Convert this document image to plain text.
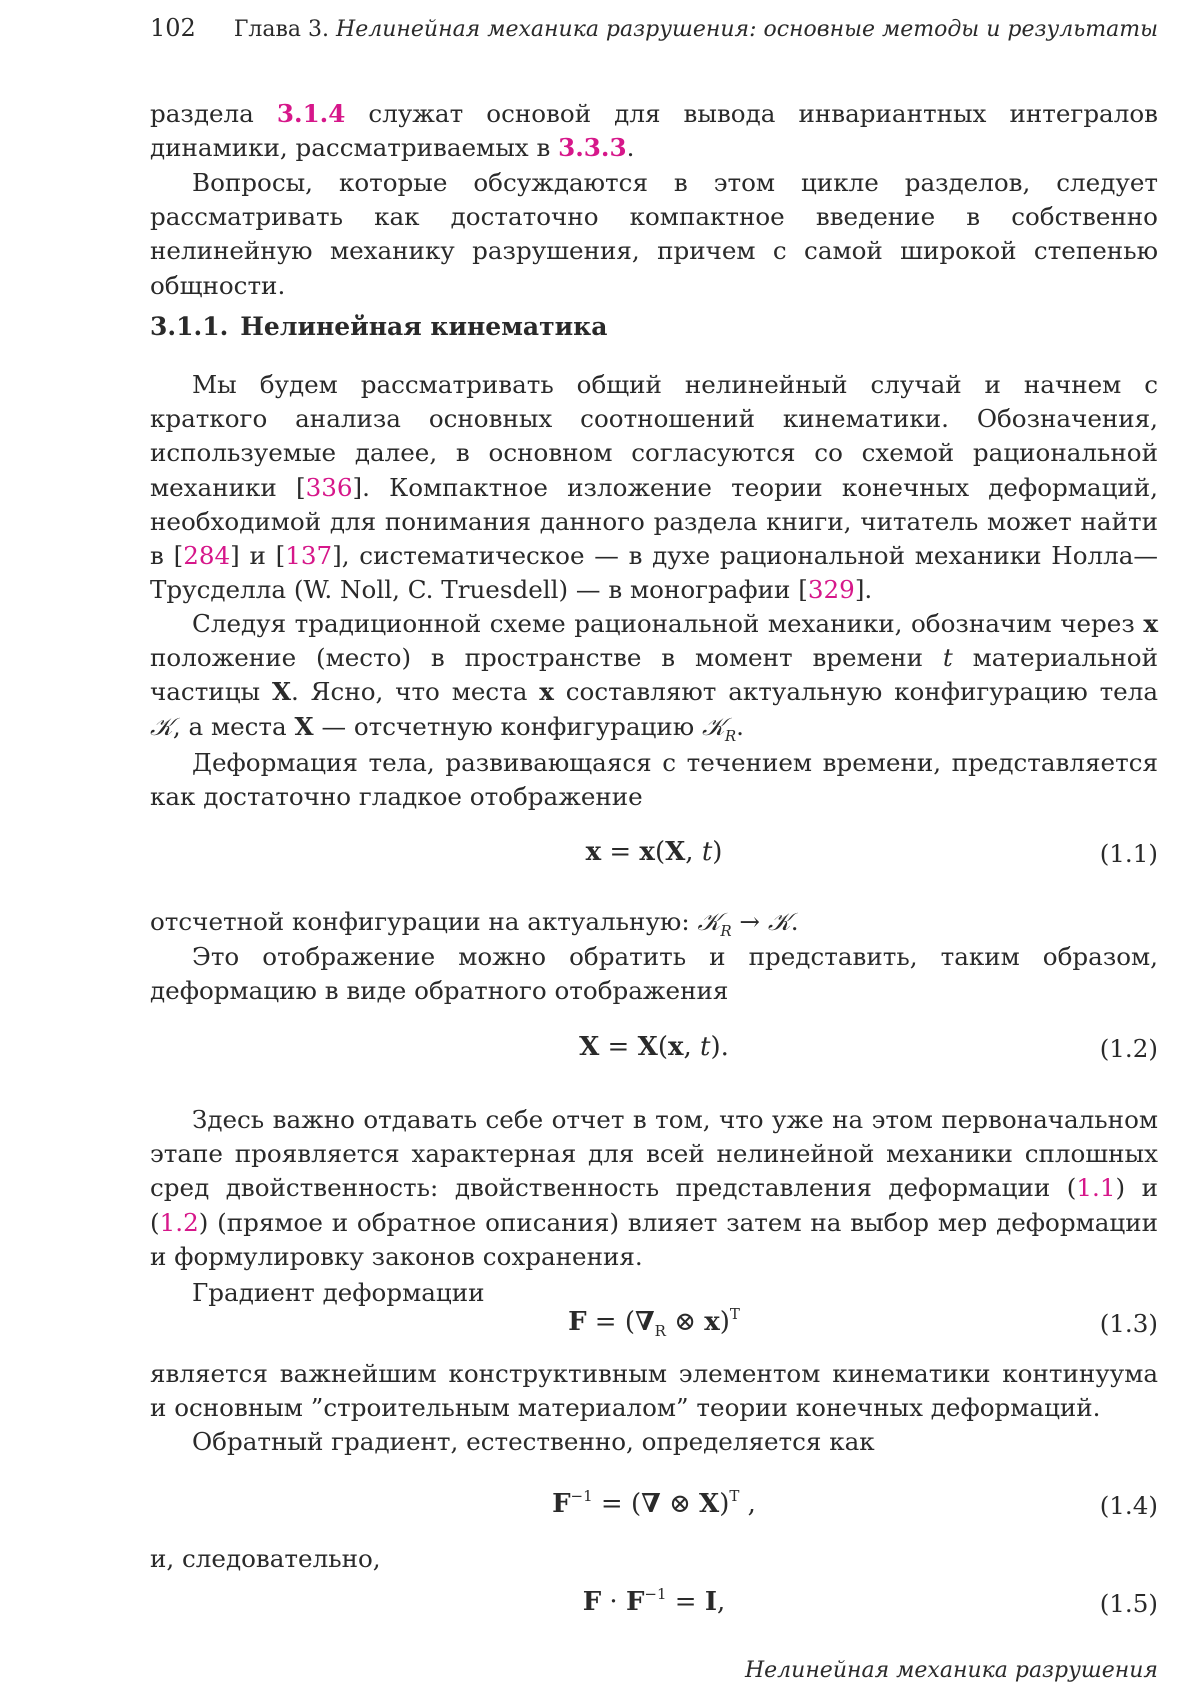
102 Глава 3. Нелинейная механика разрушения: основные методы и результаты

раздела 3.1.4 служат основой для вывода инвариантных интегралов динамики, рассматриваемых в 3.3.3.

Вопросы, которые обсуждаются в этом цикле разделов, следует рассматривать как достаточно компактное введение в собственно нелинейную механику разрушения, причем с самой широкой степенью общности.

3.1.1. Нелинейная кинематика

Мы будем рассматривать общий нелинейный случай и начнем с краткого анализа основных соотношений кинематики. Обозначения, используемые далее, в основном согласуются со схемой рациональной механики [336]. Компактное изложение теории конечных деформаций, необходимой для понимания данного раздела книги, читатель может найти в [284] и [137], систематическое — в духе рациональной механики Нолла—Трусделла (W. Noll, C. Truesdell) — в монографии [329].

Следуя традиционной схеме рациональной механики, обозначим через x положение (место) в пространстве в момент времени t материальной частицы X. Ясно, что места x составляют актуальную конфигурацию тела 𝒦, а места X — отсчетную конфигурацию 𝒦$_R$.

Деформация тела, развивающаяся с течением времени, представляется как достаточно гладкое отображение

x = x(X, t)	(1.1)

отсчетной конфигурации на актуальную: 𝒦$_R$ → 𝒦.

Это отображение можно обратить и представить, таким образом, деформацию в виде обратного отображения

X = X(x, t).	(1.2)

Здесь важно отдавать себе отчет в том, что уже на этом первоначальном этапе проявляется характерная для всей нелинейной механики сплошных сред двойственность: двойственность представления деформации (1.1) и (1.2) (прямое и обратное описания) влияет затем на выбор мер деформации и формулировку законов сохранения.

Градиент деформации

$F = (\nabla_R$ ⊗ x)$^T$	(1.3)

является важнейшим конструктивным элементом кинематики континуума и основным ”строительным материалом” теории конечных деформаций.

Обратный градиент, естественно, определяется как

$F^{-1}$ = (∇ ⊗ X)$^T$ ,	(1.4)

и, следовательно,

$F \cdot F^{-1} = I$,	(1.5)
Нелинейная механика разрушения
